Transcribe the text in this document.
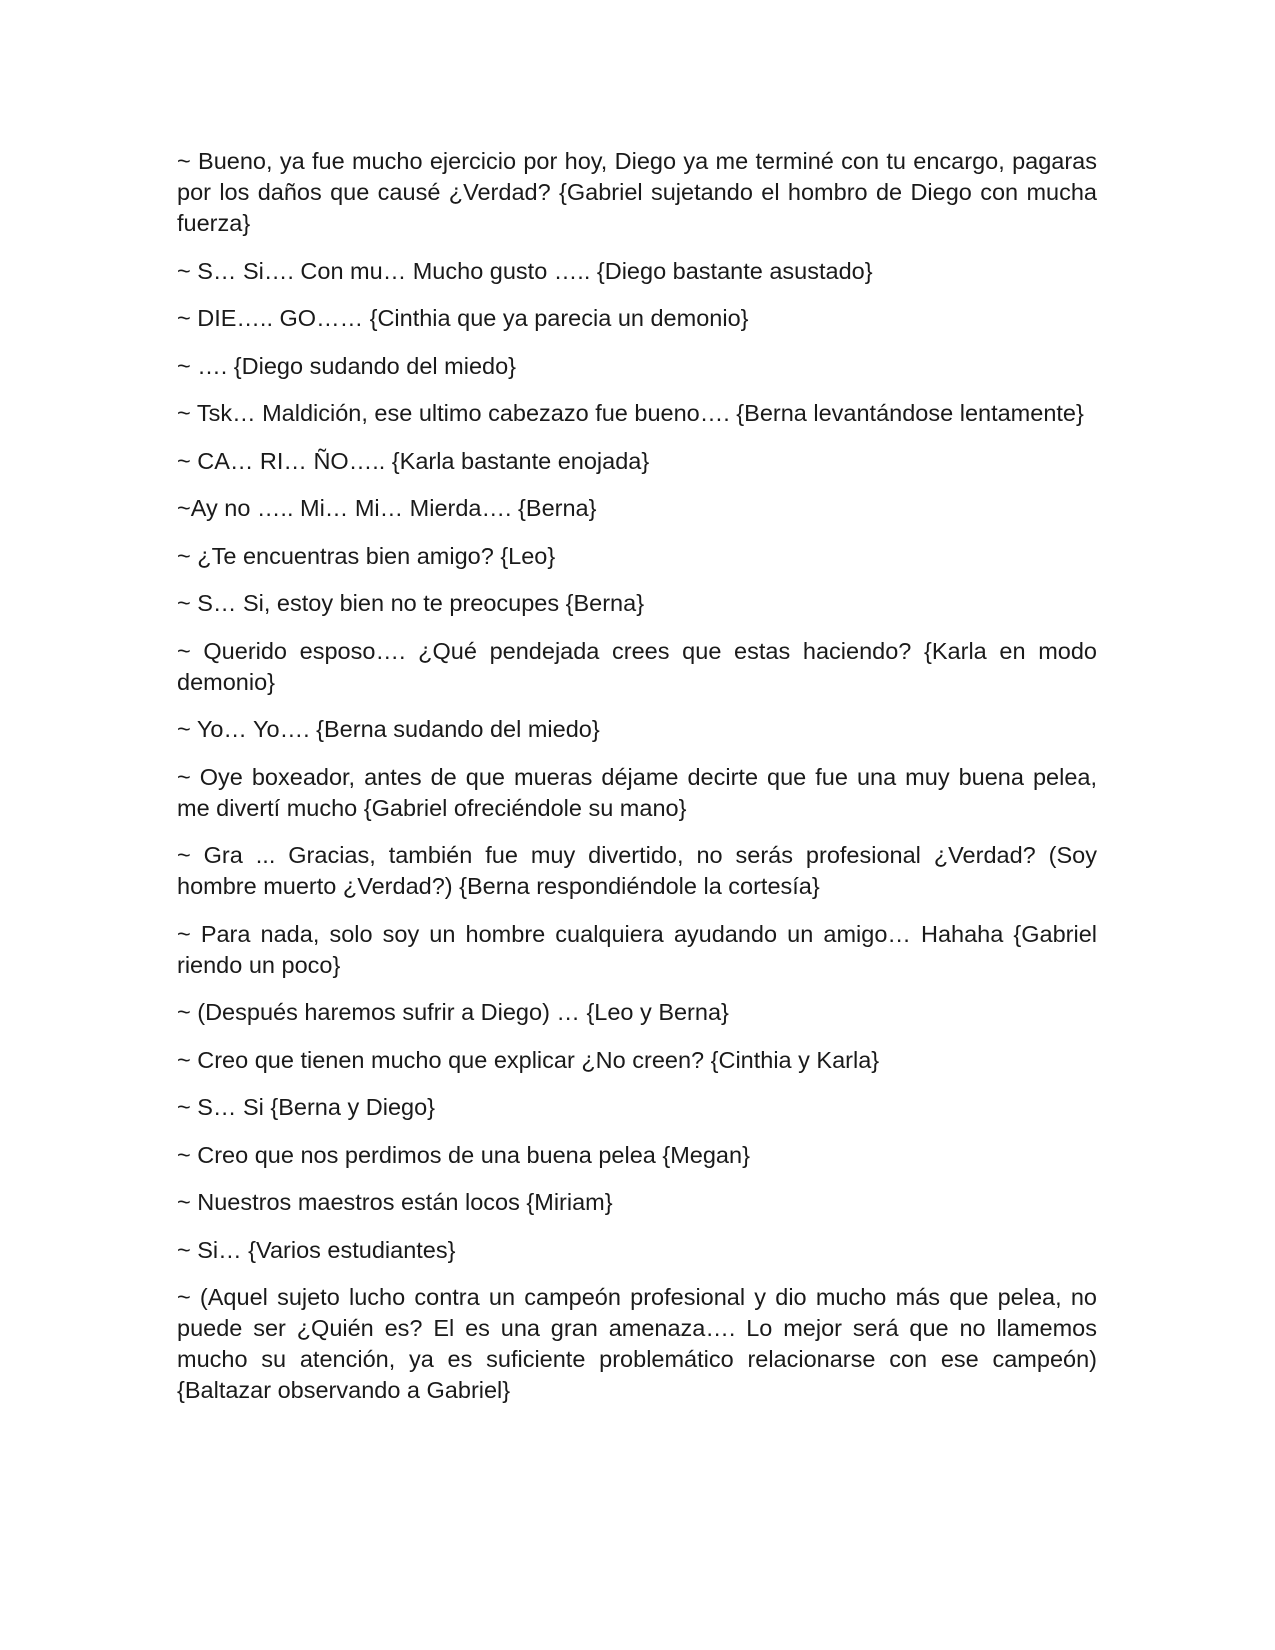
~ Bueno, ya fue mucho ejercicio por hoy, Diego ya me terminé con tu encargo, pagaras por los daños que causé ¿Verdad? {Gabriel sujetando el hombro de Diego con mucha fuerza}

~ S… Si…. Con mu… Mucho gusto ….. {Diego bastante asustado}

~ DIE….. GO…… {Cinthia que ya parecia un demonio}

~ …. {Diego sudando del miedo}

~ Tsk… Maldición, ese ultimo cabezazo fue bueno…. {Berna levantándose lentamente}

~ CA… RI… ÑO….. {Karla bastante enojada}

~Ay no ….. Mi… Mi… Mierda…. {Berna}

~ ¿Te encuentras bien amigo? {Leo}

~ S… Si, estoy bien no te preocupes {Berna}

~ Querido esposo…. ¿Qué pendejada crees que estas haciendo? {Karla en modo demonio}

~ Yo… Yo…. {Berna sudando del miedo}

~ Oye boxeador, antes de que mueras déjame decirte que fue una muy buena pelea, me divertí mucho {Gabriel ofreciéndole su mano}

~ Gra ... Gracias, también fue muy divertido, no serás profesional ¿Verdad? (Soy hombre muerto ¿Verdad?) {Berna respondiéndole la cortesía}

~ Para nada, solo soy un hombre cualquiera ayudando un amigo… Hahaha {Gabriel riendo un poco}

~ (Después haremos sufrir a Diego) … {Leo y Berna}

~ Creo que tienen mucho que explicar ¿No creen? {Cinthia y Karla}

~ S… Si {Berna y Diego}

~ Creo que nos perdimos de una buena pelea {Megan}

~ Nuestros maestros están locos {Miriam}

~ Si… {Varios estudiantes}

~ (Aquel sujeto lucho contra un campeón profesional y dio mucho más que pelea, no puede ser ¿Quién es? El es una gran amenaza…. Lo mejor será que no llamemos mucho su atención, ya es suficiente problemático relacionarse con ese campeón) {Baltazar observando a Gabriel}
